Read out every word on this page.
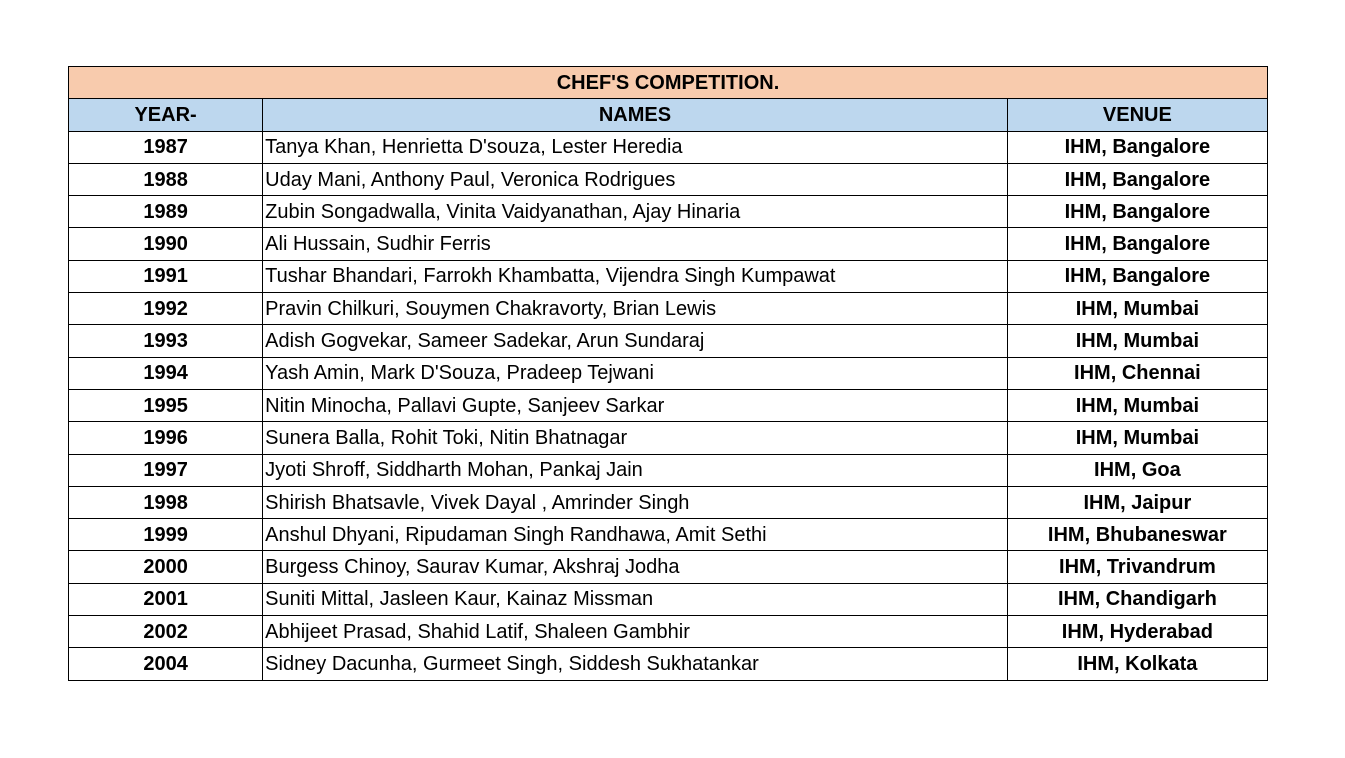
CHEF'S COMPETITION.		
YEAR-	NAMES	VENUE
1987	Tanya Khan, Henrietta D'souza, Lester Heredia	IHM, Bangalore
1988	Uday Mani, Anthony Paul, Veronica Rodrigues	IHM, Bangalore
1989	Zubin Songadwalla, Vinita Vaidyanathan, Ajay Hinaria	IHM, Bangalore
1990	Ali Hussain, Sudhir Ferris	IHM, Bangalore
1991	Tushar Bhandari, Farrokh Khambatta, Vijendra Singh Kumpawat	IHM, Bangalore
1992	Pravin Chilkuri, Souymen Chakravorty, Brian Lewis	IHM, Mumbai
1993	Adish Gogvekar, Sameer Sadekar, Arun Sundaraj	IHM, Mumbai
1994	Yash Amin, Mark D'Souza, Pradeep Tejwani	IHM, Chennai
1995	Nitin Minocha, Pallavi Gupte, Sanjeev Sarkar	IHM, Mumbai
1996	Sunera Balla, Rohit Toki, Nitin Bhatnagar	IHM, Mumbai
1997	Jyoti Shroff, Siddharth Mohan, Pankaj Jain	IHM, Goa
1998	Shirish Bhatsavle, Vivek Dayal , Amrinder Singh	IHM, Jaipur
1999	Anshul Dhyani, Ripudaman Singh Randhawa, Amit Sethi	IHM, Bhubaneswar
2000	Burgess Chinoy, Saurav Kumar, Akshraj Jodha	IHM, Trivandrum
2001	Suniti Mittal, Jasleen Kaur, Kainaz Missman	IHM, Chandigarh
2002	Abhijeet Prasad, Shahid Latif, Shaleen Gambhir	IHM, Hyderabad
2004	Sidney Dacunha, Gurmeet Singh, Siddesh Sukhatankar	IHM, Kolkata
